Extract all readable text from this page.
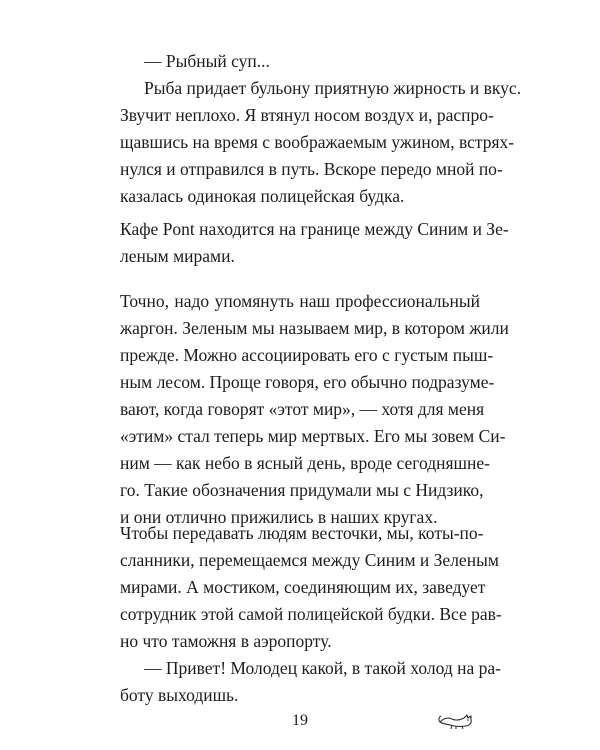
— Рыбный суп...
Рыба придает бульону приятную жирность и вкус.
Звучит неплохо. Я втянул носом воздух и, распро-
щавшись на время с воображаемым ужином, встрях-
нулся и отправился в путь. Вскоре передо мной по-
казалась одинокая полицейская будка.
Кафе Pont находится на границе между Синим и Зе-
леным мирами.
Точно, надо упомянуть наш профессиональный
жаргон. Зеленым мы называем мир, в котором жили
прежде. Можно ассоциировать его с густым пыш-
ным лесом. Проще говоря, его обычно подразуме-
вают, когда говорят «этот мир», — хотя для меня
«этим» стал теперь мир мертвых. Его мы зовем Си-
ним — как небо в ясный день, вроде сегодняшне-
го. Такие обозначения придумали мы с Нидзико,
и они отлично прижились в наших кругах.
Чтобы передавать людям весточки, мы, коты-по-
сланники, перемещаемся между Синим и Зеленым
мирами. А мостиком, соединяющим их, заведует
сотрудник этой самой полицейской будки. Все рав-
но что таможня в аэропорту.
— Привет! Молодец какой, в такой холод на ра-
боту выходишь.
19
